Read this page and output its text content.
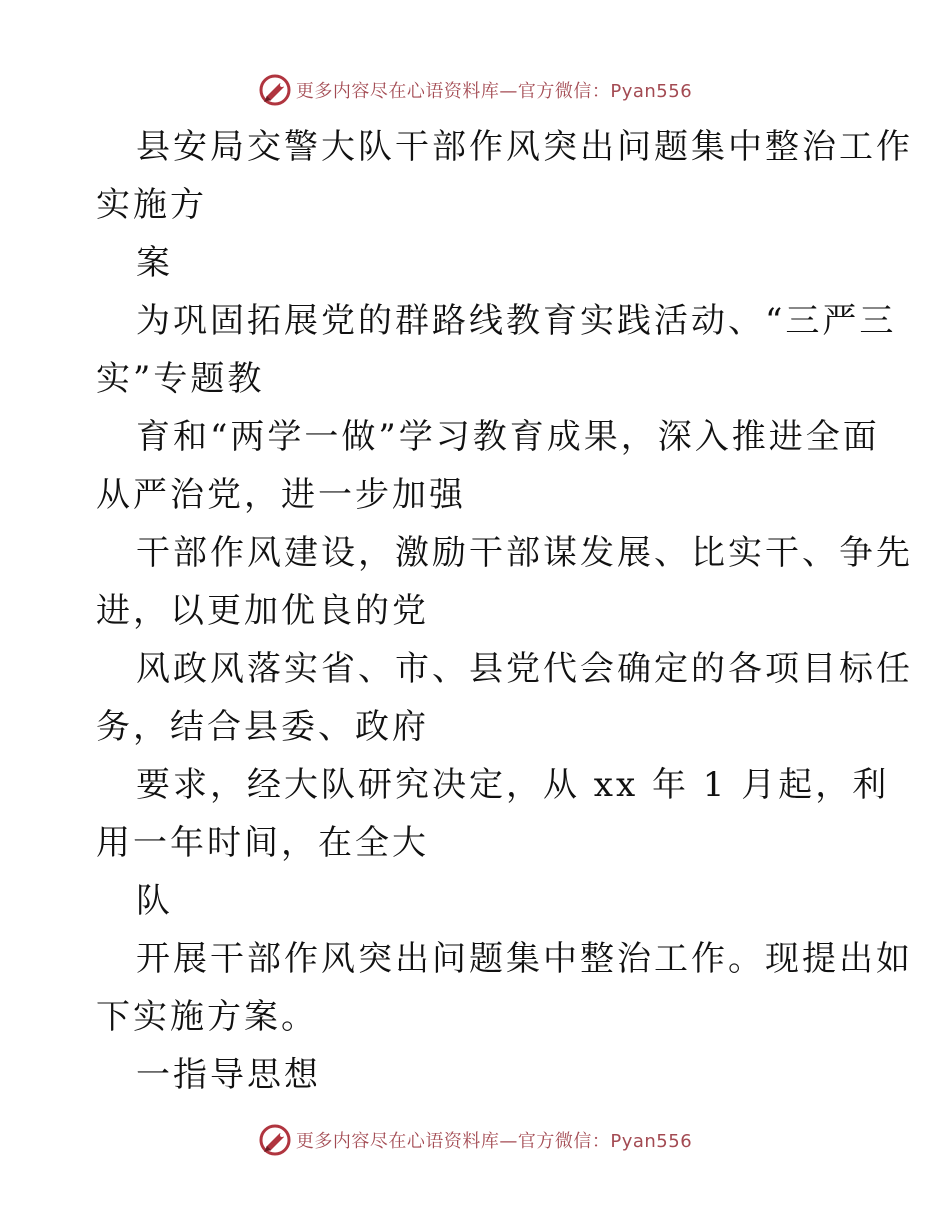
更多内容尽在心语资料库—官方微信：Pyan556
县安局交警大队干部作风突出问题集中整治工作
实施方
案
为巩固拓展党的群路线教育实践活动、“三严三
实”专题教
育和“两学一做”学习教育成果，深入推进全面
从严治党，进一步加强
干部作风建设，激励干部谋发展、比实干、争先
进，以更加优良的党
风政风落实省、市、县党代会确定的各项目标任
务，结合县委、政府
要求，经大队研究决定，从 xx 年 1 月起，利
用一年时间，在全大
队
开展干部作风突出问题集中整治工作。现提出如
下实施方案。
一指导思想
更多内容尽在心语资料库—官方微信：Pyan556
